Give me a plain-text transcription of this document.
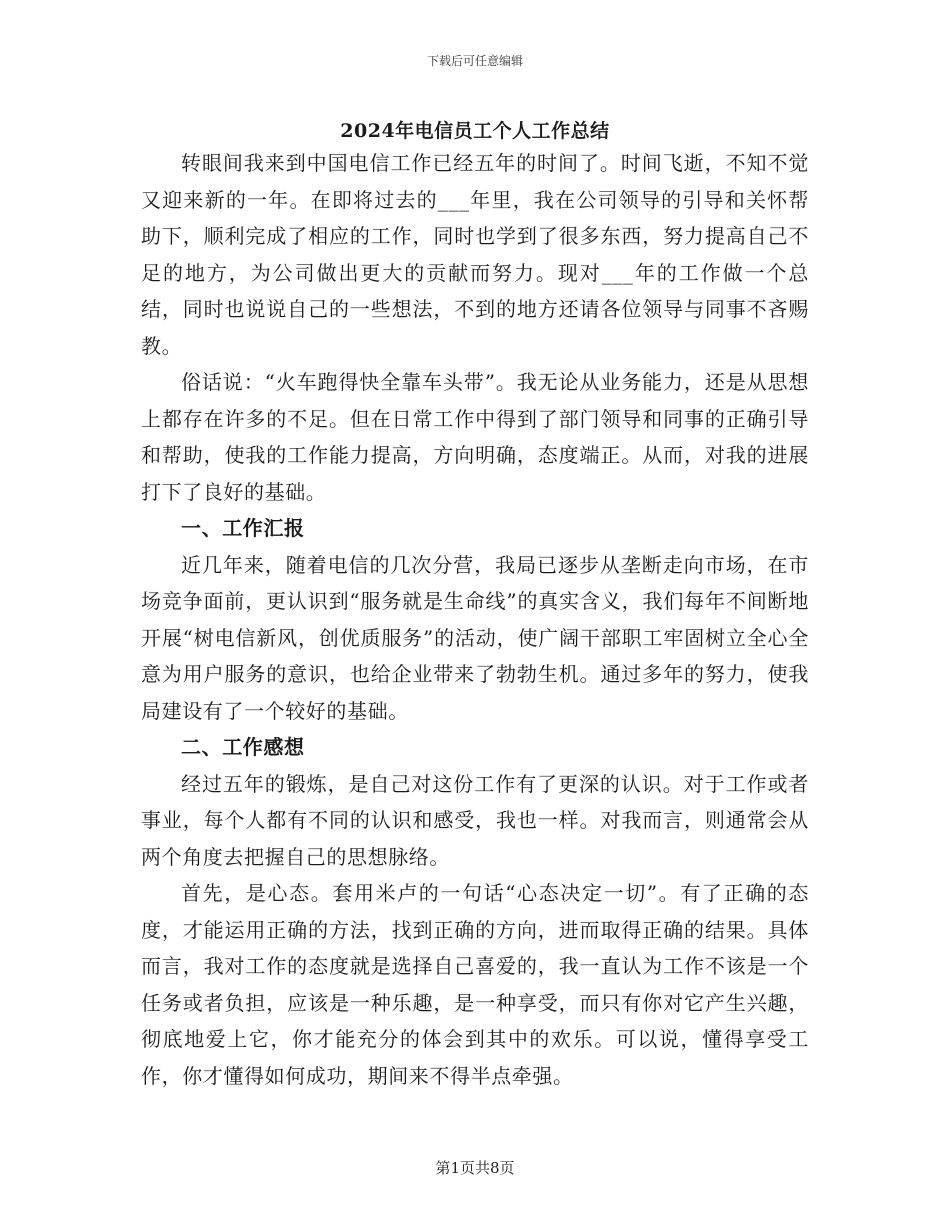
下载后可任意编辑
2024年电信员工个人工作总结

转眼间我来到中国电信工作已经五年的时间了。时间飞逝，不知不觉又迎来新的一年。在即将过去的___年里，我在公司领导的引导和关怀帮助下，顺利完成了相应的工作，同时也学到了很多东西，努力提高自己不足的地方，为公司做出更大的贡献而努力。现对___年的工作做一个总结，同时也说说自己的一些想法，不到的地方还请各位领导与同事不吝赐教。

俗话说：“火车跑得快全靠车头带”。我无论从业务能力，还是从思想上都存在许多的不足。但在日常工作中得到了部门领导和同事的正确引导和帮助，使我的工作能力提高，方向明确，态度端正。从而，对我的进展打下了良好的基础。

一、工作汇报

近几年来，随着电信的几次分营，我局已逐步从垄断走向市场，在市场竞争面前，更认识到“服务就是生命线”的真实含义，我们每年不间断地开展“树电信新风，创优质服务”的活动，使广阔干部职工牢固树立全心全意为用户服务的意识，也给企业带来了勃勃生机。通过多年的努力，使我局建设有了一个较好的基础。

二、工作感想

经过五年的锻炼，是自己对这份工作有了更深的认识。对于工作或者事业，每个人都有不同的认识和感受，我也一样。对我而言，则通常会从两个角度去把握自己的思想脉络。

首先，是心态。套用米卢的一句话“心态决定一切”。有了正确的态度，才能运用正确的方法，找到正确的方向，进而取得正确的结果。具体而言，我对工作的态度就是选择自己喜爱的，我一直认为工作不该是一个任务或者负担，应该是一种乐趣，是一种享受，而只有你对它产生兴趣，彻底地爱上它，你才能充分的体会到其中的欢乐。可以说，懂得享受工作，你才懂得如何成功，期间来不得半点牵强。

第1页共8页
